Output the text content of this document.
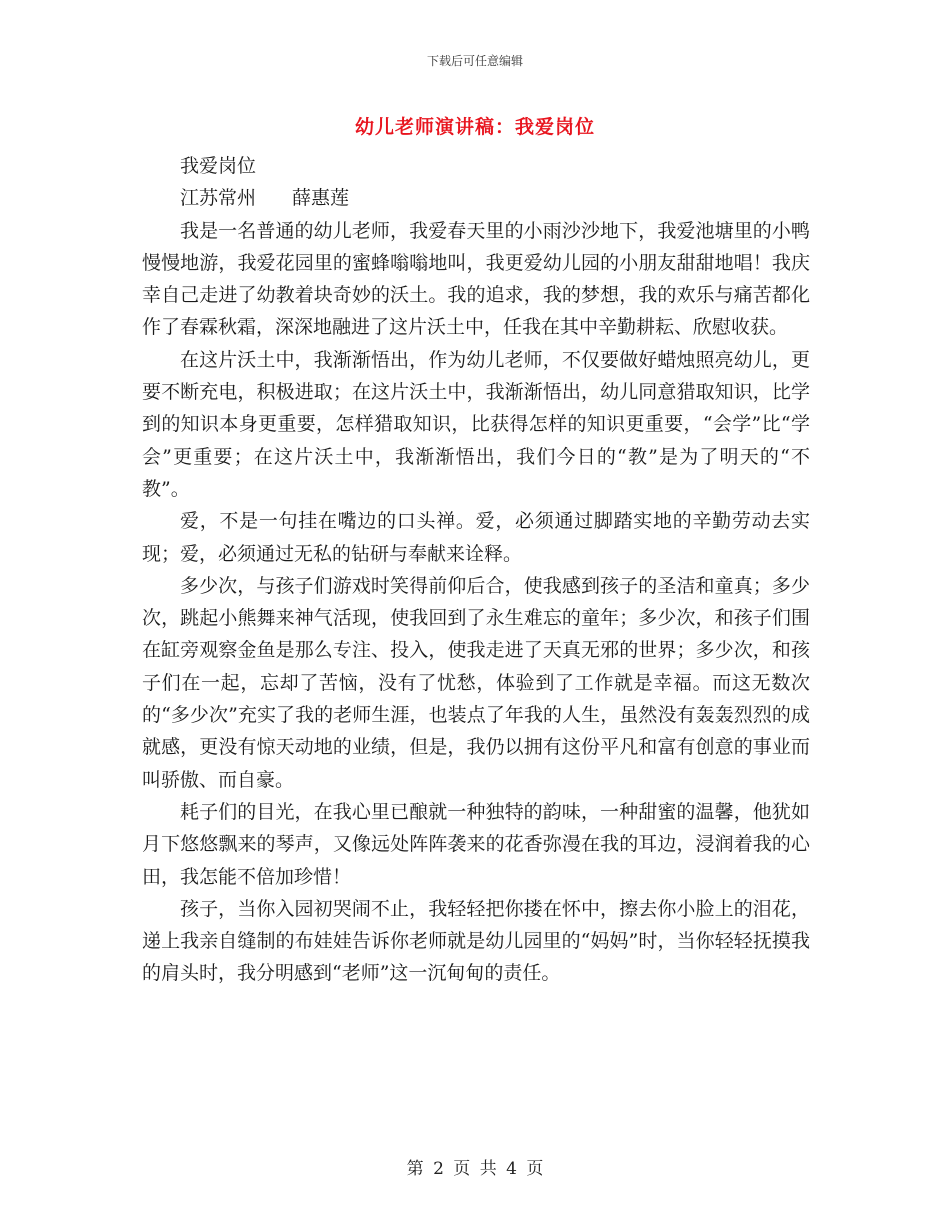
下载后可任意编辑
幼儿老师演讲稿：我爱岗位
我爱岗位
江苏常州 薛惠莲

我是一名普通的幼儿老师，我爱春天里的小雨沙沙地下，我爱池塘里的小鸭慢慢地游，我爱花园里的蜜蜂嗡嗡地叫，我更爱幼儿园的小朋友甜甜地唱！我庆幸自己走进了幼教着块奇妙的沃土。我的追求，我的梦想，我的欢乐与痛苦都化作了春霖秋霜，深深地融进了这片沃土中，任我在其中辛勤耕耘、欣慰收获。

在这片沃土中，我渐渐悟出，作为幼儿老师，不仅要做好蜡烛照亮幼儿，更要不断充电，积极进取；在这片沃土中，我渐渐悟出，幼儿同意猎取知识，比学到的知识本身更重要，怎样猎取知识，比获得怎样的知识更重要，“会学”比“学会”更重要；在这片沃土中，我渐渐悟出，我们今日的“教”是为了明天的“不教”。

爱，不是一句挂在嘴边的口头禅。爱，必须通过脚踏实地的辛勤劳动去实现；爱，必须通过无私的钻研与奉献来诠释。

多少次，与孩子们游戏时笑得前仰后合，使我感到孩子的圣洁和童真；多少次，跳起小熊舞来神气活现，使我回到了永生难忘的童年；多少次，和孩子们围在缸旁观察金鱼是那么专注、投入，使我走进了天真无邪的世界；多少次，和孩子们在一起，忘却了苦恼，没有了忧愁，体验到了工作就是幸福。而这无数次的“多少次”充实了我的老师生涯，也装点了年我的人生，虽然没有轰轰烈烈的成就感，更没有惊天动地的业绩，但是，我仍以拥有这份平凡和富有创意的事业而叫骄傲、而自豪。

耗子们的目光，在我心里已酿就一种独特的韵味，一种甜蜜的温馨，他犹如月下悠悠飘来的琴声，又像远处阵阵袭来的花香弥漫在我的耳边，浸润着我的心田，我怎能不倍加珍惜！

孩子，当你入园初哭闹不止，我轻轻把你搂在怀中，擦去你小脸上的泪花，递上我亲自缝制的布娃娃告诉你老师就是幼儿园里的“妈妈”时，当你轻轻抚摸我的肩头时，我分明感到“老师”这一沉甸甸的责任。

第 2 页 共 4 页
